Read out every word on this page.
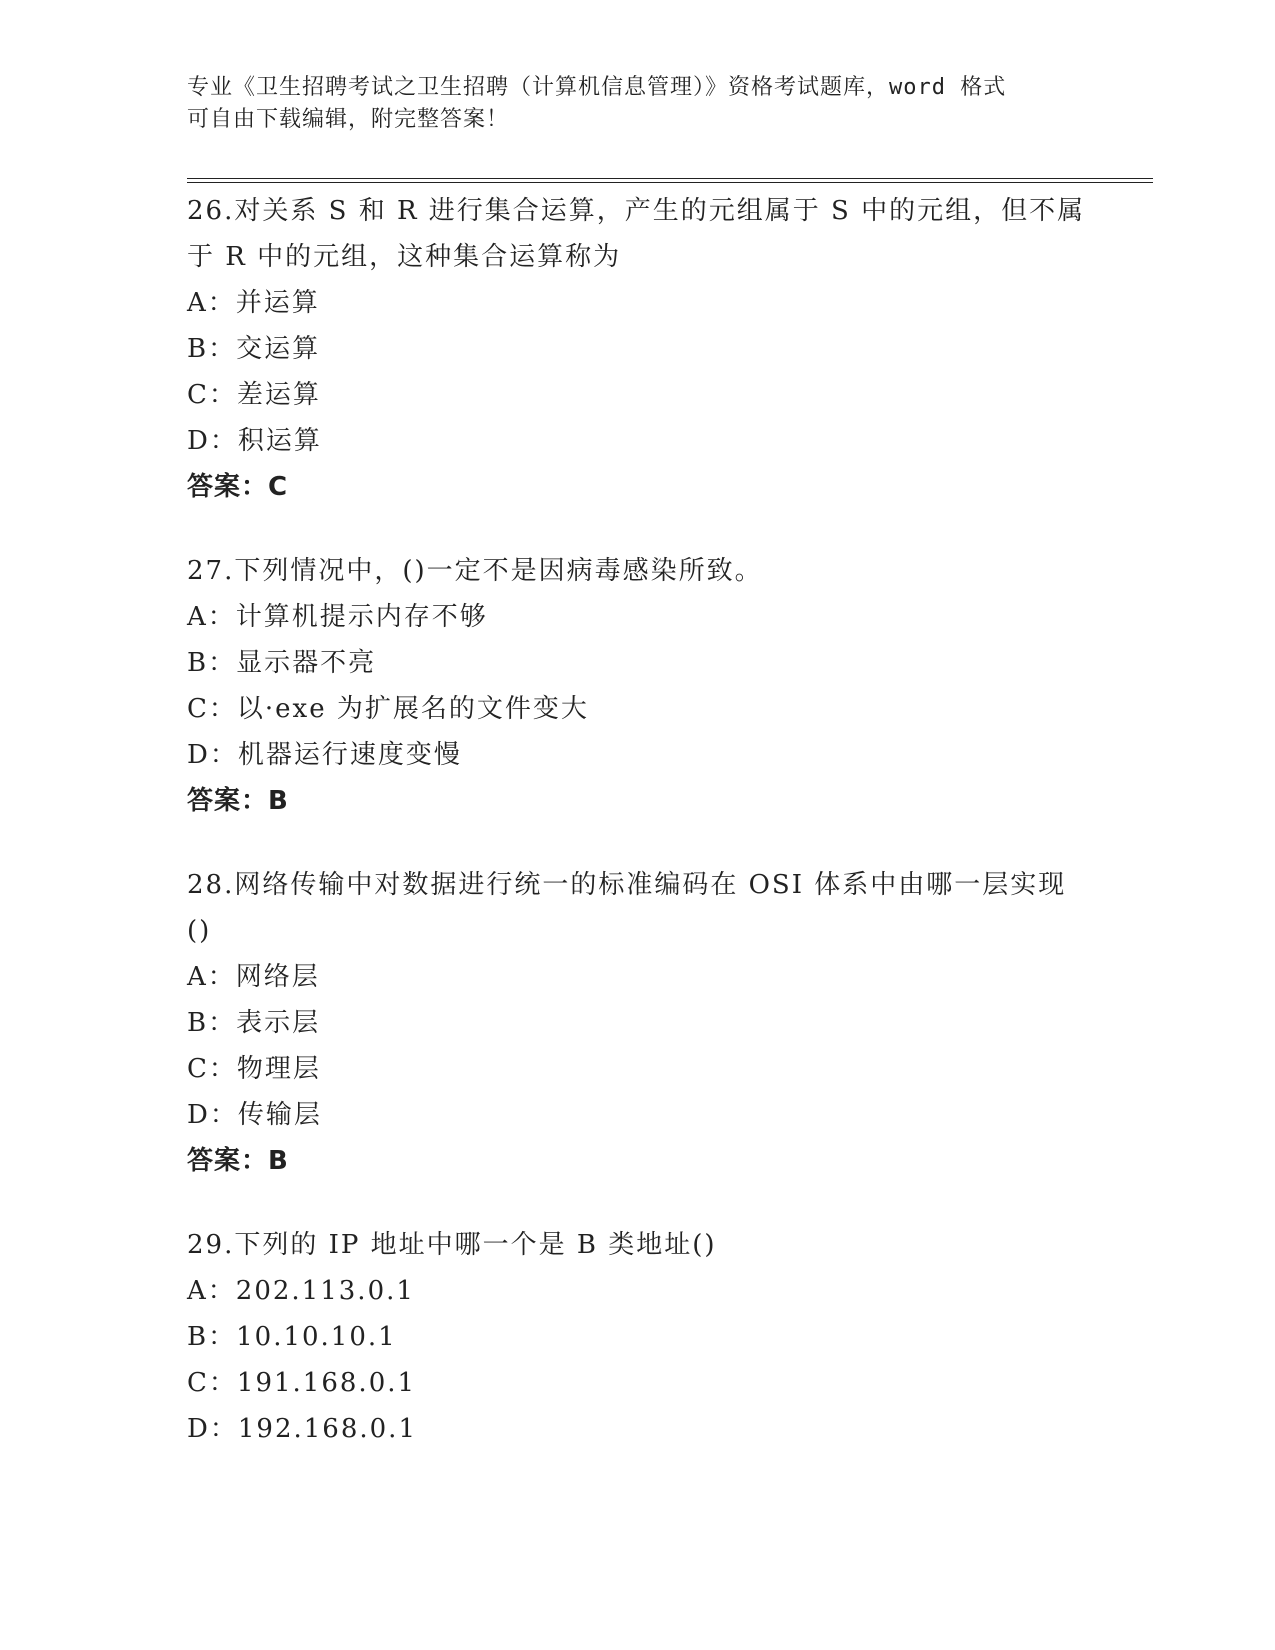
专业《卫生招聘考试之卫生招聘（计算机信息管理）》资格考试题库，word 格式
可自由下载编辑，附完整答案！
26.对关系 S 和 R 进行集合运算，产生的元组属于 S 中的元组，但不属
于 R 中的元组，这种集合运算称为
A：并运算
B：交运算
C：差运算
D：积运算
答案：C
27.下列情况中，()一定不是因病毒感染所致。
A：计算机提示内存不够
B：显示器不亮
C：以·exe 为扩展名的文件变大
D：机器运行速度变慢
答案：B
28.网络传输中对数据进行统一的标准编码在 OSI 体系中由哪一层实现
()
A：网络层
B：表示层
C：物理层
D：传输层
答案：B
29.下列的 IP 地址中哪一个是 B 类地址()
A：202.113.0.1
B：10.10.10.1
C：191.168.0.1
D：192.168.0.1
